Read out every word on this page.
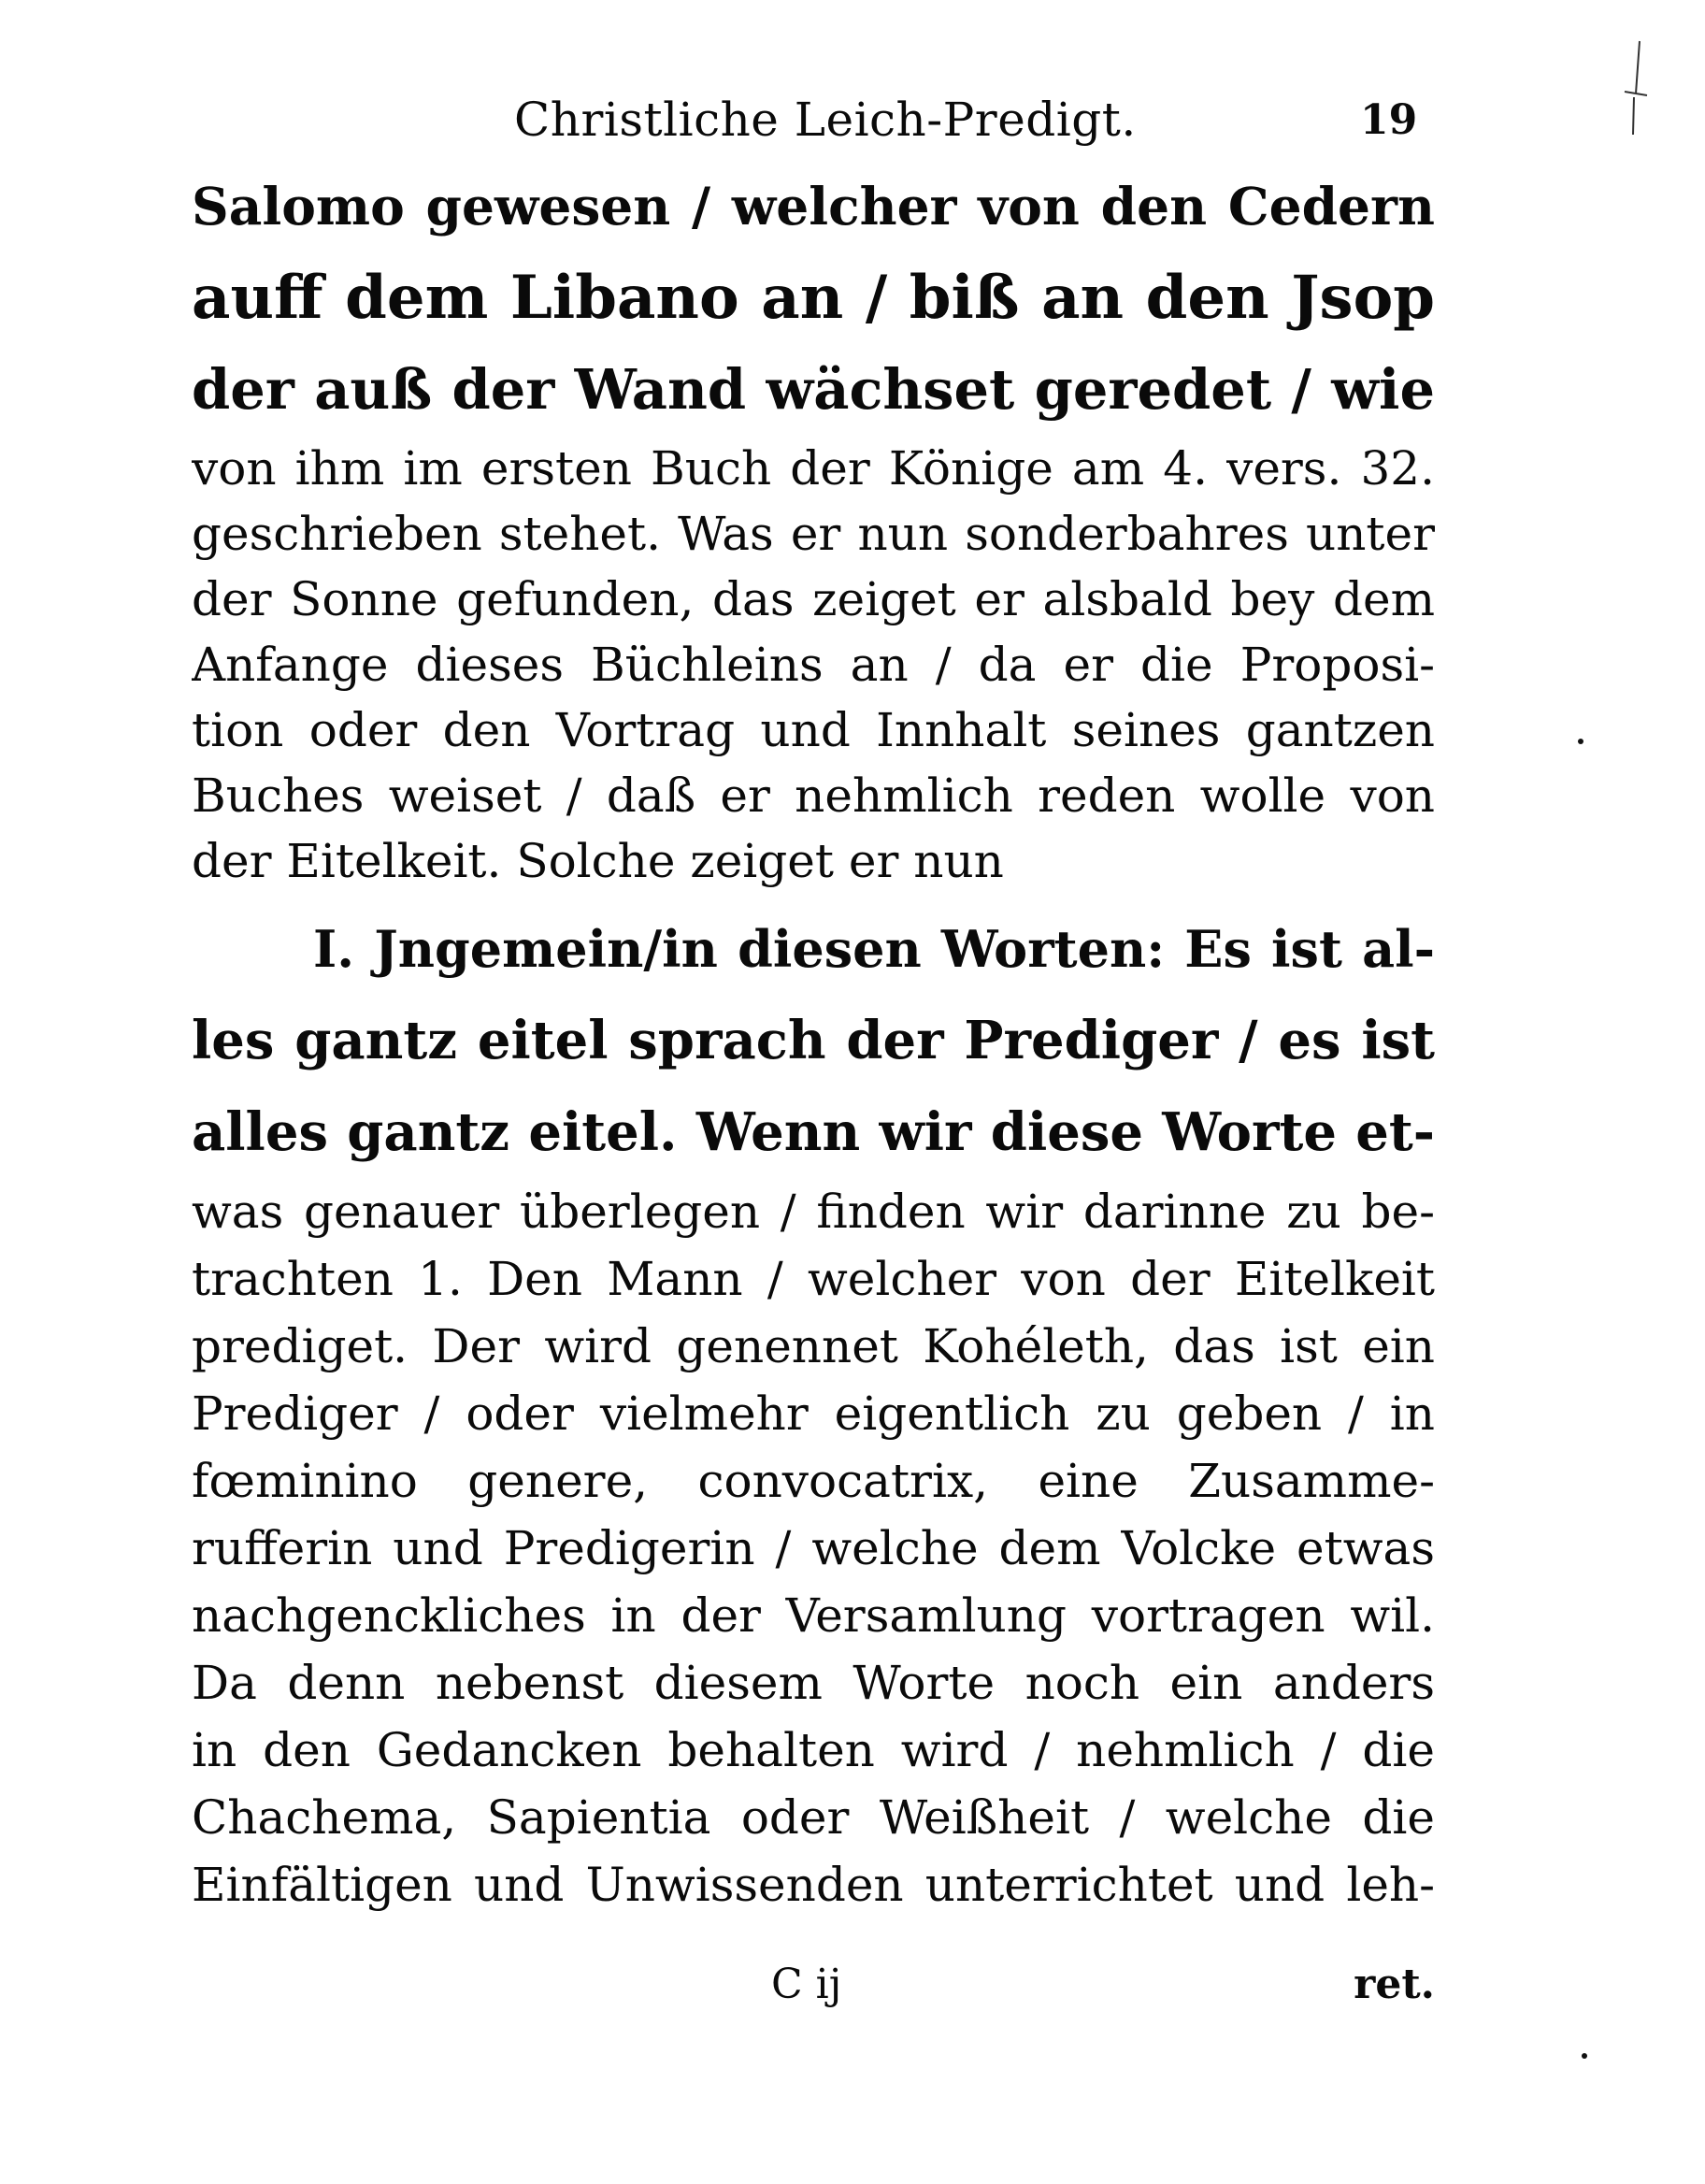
Christliche Leich-Predigt.	19
Salomo gewesen / welcher von den Cedern
auff dem Libano an / biß an den Jsop
der auß der Wand wächset geredet / wie
von ihm im ersten Buch der Könige am 4. vers. 32.
geschrieben stehet. Was er nun sonderbahres unter
der Sonne gefunden, das zeiget er alsbald bey dem
Anfange dieses Büchleins an / da er die Proposi-
tion oder den Vortrag und Innhalt seines gantzen
Buches weiset / daß er nehmlich reden wolle von
der Eitelkeit. Solche zeiget er nun
I. Jngemein/in diesen Worten: Es ist al-
les gantz eitel sprach der Prediger / es ist
alles gantz eitel. Wenn wir diese Worte et-
was genauer überlegen / finden wir darinne zu be-
trachten 1. Den Mann / welcher von der Eitelkeit
prediget. Der wird genennet Kohéleth, das ist ein
Prediger / oder vielmehr eigentlich zu geben / in
fœminino genere, convocatrix, eine Zusamme-
rufferin und Predigerin / welche dem Volcke etwas
nachgenckliches in der Versamlung vortragen wil.
Da denn nebenst diesem Worte noch ein anders
in den Gedancken behalten wird / nehmlich / die
Chachema, Sapientia oder Weißheit / welche die
Einfältigen und Unwissenden unterrichtet und leh-
C ij	ret.
